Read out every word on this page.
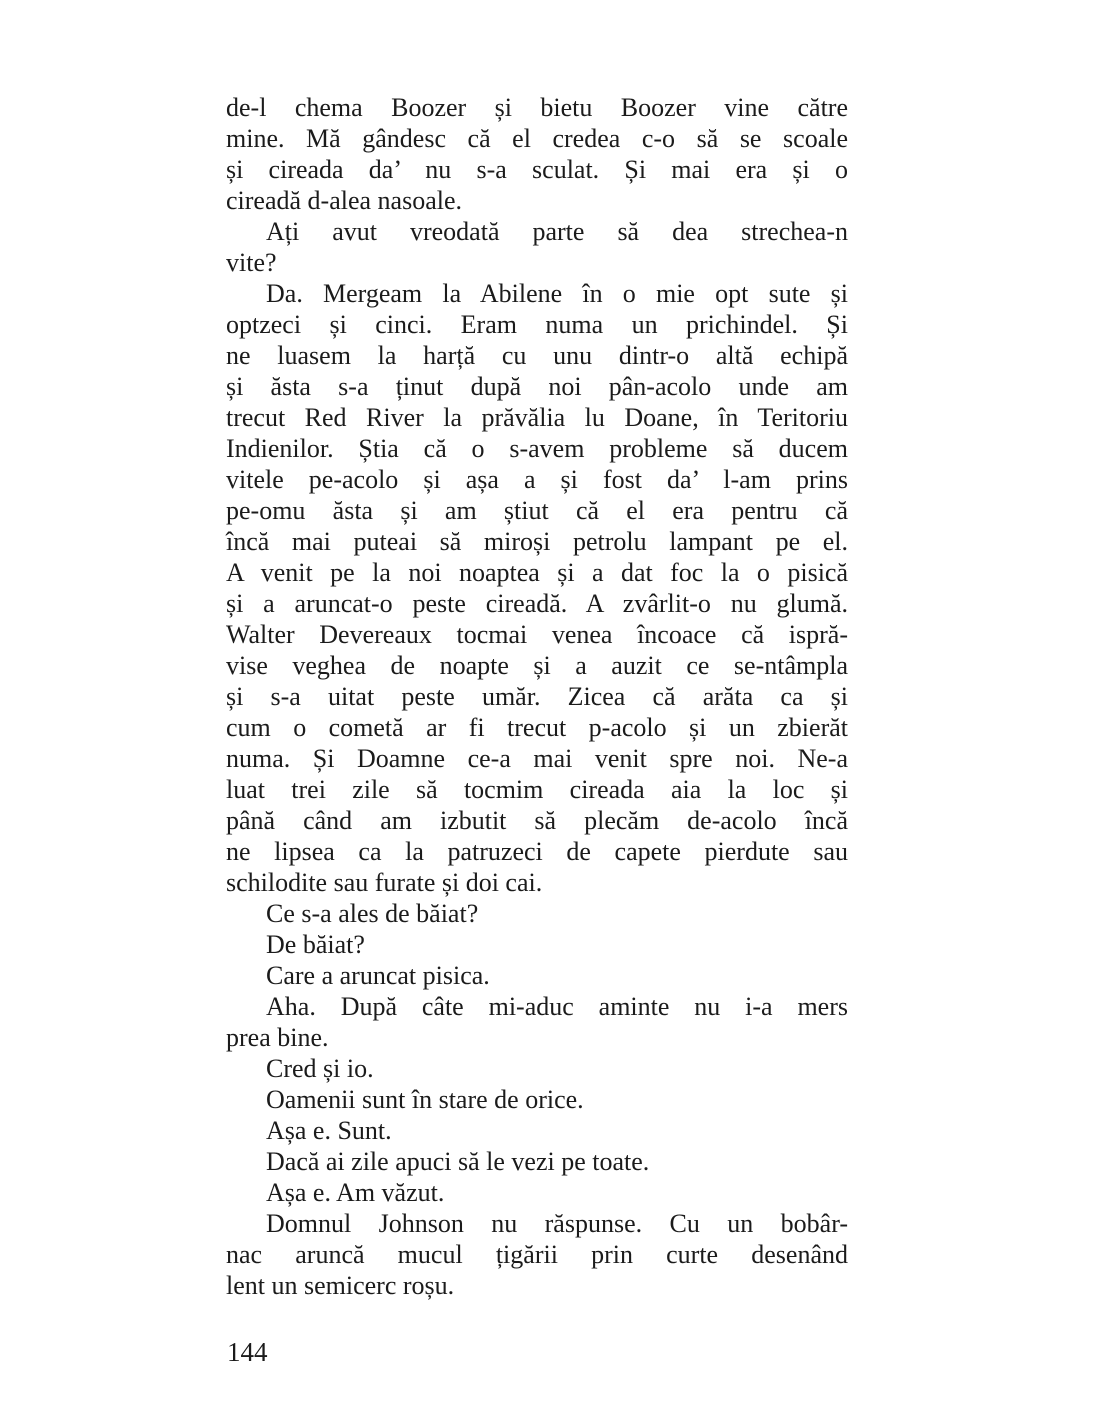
de-l chema Boozer și bietu Boozer vine către
mine. Mă gândesc că el credea c-o să se scoale
și cireada da’ nu s-a sculat. Și mai era și o
cireadă d-alea nasoale.
Ați avut vreodată parte să dea strechea-n
vite?
Da. Mergeam la Abilene în o mie opt sute și
optzeci și cinci. Eram numa un prichindel. Și
ne luasem la harță cu unu dintr-o altă echipă
și ăsta s-a ținut după noi pân-acolo unde am
trecut Red River la prăvălia lu Doane, în Teritoriu
Indienilor. Știa că o s-avem probleme să ducem
vitele pe-acolo și așa a și fost da’ l-am prins
pe-omu ăsta și am știut că el era pentru că
încă mai puteai să miroși petrolu lampant pe el.
A venit pe la noi noaptea și a dat foc la o pisică
și a aruncat-o peste cireadă. A zvârlit-o nu glumă.
Walter Devereaux tocmai venea încoace că ispră-
vise veghea de noapte și a auzit ce se-ntâmpla
și s-a uitat peste umăr. Zicea că arăta ca și
cum o cometă ar fi trecut p-acolo și un zbierăt
numa. Și Doamne ce-a mai venit spre noi. Ne-a
luat trei zile să tocmim cireada aia la loc și
până când am izbutit să plecăm de-acolo încă
ne lipsea ca la patruzeci de capete pierdute sau
schilodite sau furate și doi cai.
Ce s-a ales de băiat?
De băiat?
Care a aruncat pisica.
Aha. După câte mi-aduc aminte nu i-a mers
prea bine.
Cred și io.
Oamenii sunt în stare de orice.
Așa e. Sunt.
Dacă ai zile apuci să le vezi pe toate.
Așa e. Am văzut.
Domnul Johnson nu răspunse. Cu un bobâr-
nac aruncă mucul țigării prin curte desenând
lent un semicerc roșu.
144
